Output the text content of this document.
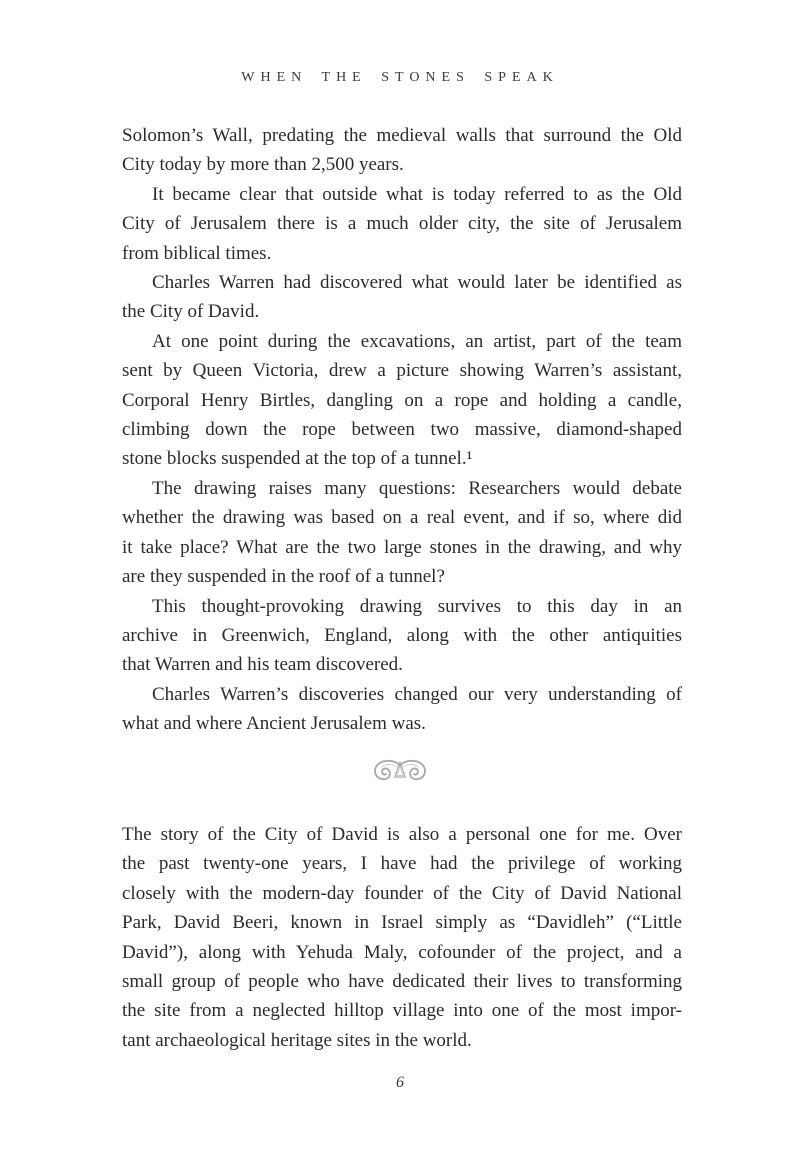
WHEN THE STONES SPEAK
Solomon’s Wall, predating the medieval walls that surround the Old
City today by more than 2,500 years.
It became clear that outside what is today referred to as the Old
City of Jerusalem there is a much older city, the site of Jerusalem
from biblical times.
Charles Warren had discovered what would later be identified as
the City of David.
At one point during the excavations, an artist, part of the team
sent by Queen Victoria, drew a picture showing Warren’s assistant,
Corporal Henry Birtles, dangling on a rope and holding a candle,
climbing down the rope between two massive, diamond-shaped
stone blocks suspended at the top of a tunnel.¹
The drawing raises many questions: Researchers would debate
whether the drawing was based on a real event, and if so, where did
it take place? What are the two large stones in the drawing, and why
are they suspended in the roof of a tunnel?
This thought-provoking drawing survives to this day in an
archive in Greenwich, England, along with the other antiquities
that Warren and his team discovered.
Charles Warren’s discoveries changed our very understanding of
what and where Ancient Jerusalem was.
The story of the City of David is also a personal one for me. Over
the past twenty-one years, I have had the privilege of working
closely with the modern-day founder of the City of David National
Park, David Beeri, known in Israel simply as “Davidleh” (“Little
David”), along with Yehuda Maly, cofounder of the project, and a
small group of people who have dedicated their lives to transforming
the site from a neglected hilltop village into one of the most impor-
tant archaeological heritage sites in the world.
6
